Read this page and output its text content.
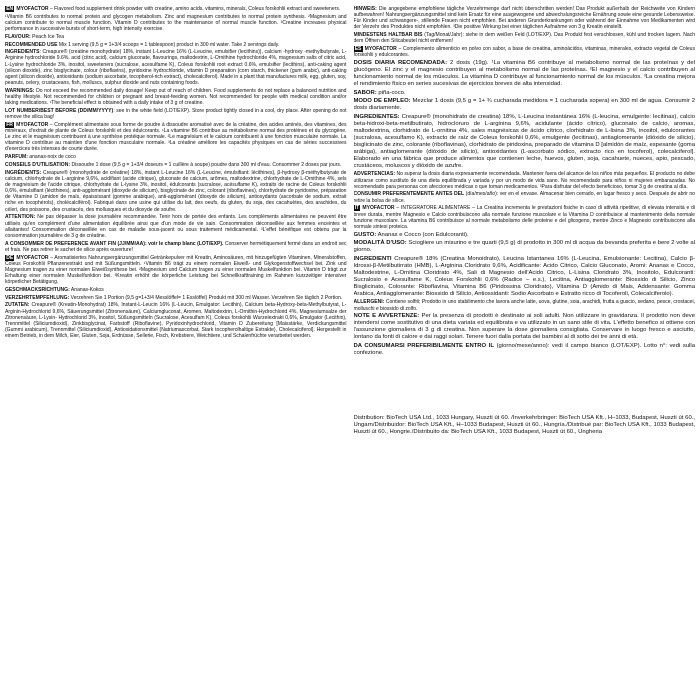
EN MYOFACTOR – Flavored food supplement drink powder with creatine, amino acids, vitamins, minerals, Coleus forskohlii extract and sweeteners.
¹Vitamin B6 contributes to normal protein and glycogen metabolism. Zinc and magnesium contributes to normal protein synthesis. ²Magnesium and calcium contribute to normal muscle function. Vitamin D contributes to the maintenance of normal muscle function. ³Creatine increases physical performance in successive bursts of short-term, high intensity exercise.
FLAVOUR: Peach Ice Tea
RECOMMENDED USE Mix 1 serving (9,5 g = 1+3/4 scoops = 1 tablespoon) product in 300 ml water. Take 2 servings daily.
INGREDIENTS: Creapure® (creatine monohydrate) 18%, instant L-Leucine 16% (L-Leucine, emulsifier (lecithins)), calcium -hydroxy -methylbutyrate, L-Arginine hydrochloride 9.6%, acid (citric acid), calcium gluconate, flavourings, maltodextrin, L-Ornithine hydrochloride 4%, magnesium salts of citric acid, L-Lysine hydrochloride 3%, inositol, sweeteners (sucralose, acesulfame K), Coleus forskohlii root extract 0.6%, emulsifier (lecithins), anti-caking agent (silicon dioxide), zinc bisglycinate, colour (riboflavins), pyridoxine hydrochloride, vitamin D preparation (corn starch, thickener (gum arabic), anti-caking agent (silicon dioxide), antioxidants (sodium ascorbate, tocopherol-rich extract), cholecalciferol). Made in a plant that manufactures milk, egg, gluten, soy, peanuts, celery, crustaceans, fish, molluscs, sulphur dioxide and nuts containing foods.
WARNINGS: Do not exceed the recommended daily dosage! Keep out of reach of children. Food supplements do not replace a balanced nutrition and healthy lifestyle. Not recommended for children or pregnant and breast-feeding women. Not recommended for people with medical condition and/or taking medications. ¹The beneficial effect is obtained with a daily intake of 3 g of creatine.
LOT NUMBER/BEST BEFORE (DD/MM/YYYY): see in the white field (LOT/EXP). Store product tightly closed in a cool, dry place. After opening do not remove the silica bag!
FR MYOFACTOR – Complément alimentaire sous forme de poudre à dissoudre aromatisé avec de la créatine, des acides aminés, des vitamines, des minéraux, d'extrait de plante de Coleus forskohlii et des édulcorants. ¹La vitamine B6 contribue au métabolisme normal des protéines et du glycogène. Le zinc et le magnésium contribuent à une synthèse protéique normale. ²Le magnésium et le calcium contribuent à une fonction musculaire normale. La vitamine D contribue au maintien d'une fonction musculaire normale. ³La créatine améliore les capacités physiques en cas de séries successives d'exercices très intenses de courte durée.
PARFUM: ananas-noix de coco
CONSEILS D'UTILISATION: Dissoudre 1 dose (9,5 g = 1+3/4 doseurs = 1 cuillère à soupe) poudre dans 300 ml d'eau. Consommer 2 doses par jours.
INGRÉDIENTS: Creapure® (monohydrate de créatine) 18%, instant L-Leucine 16% (L-Leucine, émulsifiant: lécithines), β-hydroxy β-méthylbutyrate de calcium, chlorhydrate de L-arginine 9,6%, acidifiant (acide citrique), gluconate de calcium, arômes, maltodextrine, chlorhydrate de L-Ornithine 4%, sels de magnésium de l'acide citrique, chlorhydrate de L-lysine 3%, inositol, édulcorants (sucralose, acésulfame K), extraits de racine de Coleus forskohlii 0,6%, émulsifiant (lécithines), anti-agglomérant (dioxyde de silicium), bisglycinate de zinc, colorant (riboflavines), chlorhydrate de pyridoxine, préparation de Vitamine D (amidon de maïs, épaississant (gomme arabique), anti-agglomérant (dioxyde de silicium), antioxydants (ascorbate de sodium, extrait riche en tocophérols), cholécalciférol). Fabriqué dans une usine qui utilise du lait, des oeufs, du gluten, du soja, des cacahuètes, des arachides, du céleri, des poissons, des crustacés, des mollusques et du dioxyde de soufre.
ATTENTION: Ne pas dépasser la dose journalière recommandée. Tenir hors de portée des enfants. Les compléments alimentaires ne peuvent être utilisés qu'en complément d'une alimentation équilibrée ainsi que d'un mode de vie sain. Consommation déconseillée aux femmes enceintes et allaitantes! Consommation déconseillée en cas de maladie sous-jacent ou sous traitement médicamental. ³L'effet bénéfique est obtenu par la consommation journalière de 3 g de créatine.
A CONSOMMER DE PREFERENCE AVANT FIN (JJ/MM/AA): voir le champ blanc (LOT/EXP). Conserver hermétiquement fermé dans un endroit sec et frais. Ne pas retirer le sachet de silice après ouverture!
DE MYOFACTOR – Aromatisiertes Nahrungsergänzungsmittel Getränkepulver mit Kreatin, Aminosäuren, mit hinzugefügten Vitaminen, Mineralstoffen, Coleus Forskohlii Pflanzenextrakt und mit Süßungsmitteln. ¹Vitamin B6 trägt zu einem normalen Eiweiß- und Glykogenstoffwechsel bei. Zink und Magnesium tragen zu einer normalen Eiweißsynthese bei. ²Magnesium und Calcium tragen zu einer normalen Muskelfunktion bei. Vitamin D trägt zur Erhaltung einer normalen Muskelfunktion bei. ³Kreatin erhöht die körperliche Leistung bei Schnellkrafttraining im Rahmen kurzzeitiger intensiver körperlicher Betätigung.
GESCHMACKSRICHTUNG: Ananas-Kokos
VERZEHRTEMPFEHLUNG: Verzehren Sie 1 Portion (9,5 g=1+3/4 Messlöffel= 1 Esslöffel) Produkt mit 300 ml Wasser. Verzehren Sie täglich 2 Portion.
ZUTATEN: Creapure® (Kreatin-Monohydrat) 18%, Instant-L-Leucin 16% (L-Leucin, Emulgator: Lecithin), Calcium beta-Hydroxy-beta-Methylbutyrat, L-Arginin-Hydrochlorid 9,6%, Säuerungsmittel (Zitronensäure), Calciumgluconat, Aromen, Maltodextrin, L-Ornithin-Hydrochlorid 4%, Magnesiumsalze der Zitronensäure, L-Lysin- Hydrochlorid 3%, Inositol, Süßungsmitteln (Sucralose, Acesulfam K), Coleus forskohlii Wurzelextrakt 0,6%, Emulgator (Lecithin), Trennmittel (Siliciumdioxid), Zinkbisglycinat, Farbstoff (Riboflavine), Pyridoxinhydrochlorid, Vitamin D Zubereitung [Maisstärke, Verdickungsmittel (Gummi arabicum), Trennmittel (Siliciumdioxid), Antioxidationsmittel (Natriumascorbat, Stark tocopherolhaltige Extrakte), Cholecalciferol]. Hergestellt in einem Betrieb, in dem Milch, Eier, Gluten, Soja, Erdnüsse, Sellerie, Fisch, Krebstiere, Weichtiere, und Schalenfrüchte verarbeitet werden.
HINWEIS: Die angegebene empfohlene tägliche Verzehrmenge darf nicht überschritten werden! Das Produkt außerhalb der Reichweite von Kindern aufbewahren! Nahrungsergänzungsmittel sind kein Ersatz für eine ausgewogene und abwechslungsreiche Ernährung sowie eine gesunde Lebensweise. Für Kinder und schwangere-, stillende Frauen nicht empfohlen. Bei anderen Grunderkrankungen oder während der Einnahme von Medikamenten wird der Verzehr des Produktes nicht empfohlen. ³Die positive Wirkung bei einer täglichen Aufnahme von 3 g Kreatin einstellt.
MINDESTENS HALTBAR BIS (Tag/Monat/Jahr): siehe in dem weißen Feld (LOT/EXP). Das Produkt fest verschlossen, kühl und trocken lagern. Nach dem Öffnen den Silicabeutel nicht entfernen!
ES MYOFACTOR – Complemento alimenticio en polvo con sabor, a base de creatina, aminoácidos, vitaminas, minerales, extracto vegetal de Coleus forskohlii y edulcorantes.
DOSIS DIARIA RECOMENDADA: 2 dosis (19g). ¹La vitamina B6 contribuye al metabolismo normal de las proteínas y del glucógeno. El zinc y el magnesio contribuyen al metabolismo normal de las proteínas. ²El magnesio y el calcio contribuyen al funcionamiento normal de los músculos. La vitamina D contribuye al funcionamiento normal de los músculos. ³La creatina mejora el rendimiento físico en series sucesivas de ejercicios breves de alta intensidad.
SABOR: piña-coco.
MODO DE EMPLEO: Mezclar 1 dosis (9,5 g = 1+ ¾ cucharada medidora = 1 cucharada sopera) en 300 ml de agua. Consumir 2 dosis diariamente.
INGREDIENTES: Creapure® (monohidrato de creatina) 18%, L-Leucina instantánea 16% (L-leucina, emulgente: lecitinas), calcio beta-hidroxi-beta-metilbutirato, hidrocloruro de L-arginina 9,6%, acidulante (ácido cítrico), gluconato de calcio, aromas, maltodextrina, clorhidrato de L-ornitina 4%, sales magnésicas de ácido cítrico, clorhidrato de L-lisina 3%, inositol, edulcorantes (sucralosa, acesulfamo K), extracto de raíz de Coleus forskohlii 0,6%, emulgente (lecitinas), antiaglomerante (dióxido de silicio), bisglicinato de zinc, colorante (riboflavinas), clorhidrato de piridoxina, preparado de vitamina D [almidón de maíz, espesante (goma arábiga), antiaglomerante (dióxido de silicio), antioxidantes (L-ascorbato sódico, extracto rico en tocoferol), colecalciferol]. Elaborado en una fábrica que produce alimentos que contienen leche, huevos, gluten, soja, cacahuete, nueces, apio, pescado, crustáceos, moluscos y dióxido de azufre.
ADVERTENCIAS: No superar la dosis diaria expresamente recomendada. Mantener fuera del alcance de los niños más pequeños. El producto no debe utilizarse como sustituto de una dieta equilibrada y variada y por un modo de vida sano. No recomendado para niños ni mujeres embarazadas. No recomendado para personas con afecciones médicas o que toman medicamentos. ³Para disfrutar del efecto beneficioso, tomar 3 g de creatina al día.
CONSUMIR PREFERENTEMENTE ANTES DEL (día/mes/año): ver en el envase. Almacenar bien cerrado, en lugar fresco y seco. Después de abrir no retire la bolsa de sílice.
IT MYOFACTOR – INTEGRATORE ALIMENTARE – La Creatina incrementa le prestazioni fisiche in caso di attività ripetitive, di elevata intensità e di breve durata, mentre Magnesio e Calcio contribuiscono alla normale funzione muscolare e la Vitamina D contribuisce al mantenimento della normale funzione muscolare. La vitamina B6 contribuisce al normale metabolismo delle proteine e del glicogeno, mentre Zinco e Magnesio contribuiscono alla normale sintesi proteica.
GUSTO: Ananas e Cocco (con Edulcoranti).
MODALITÀ D'USO: Sciogliere un misurino e tre quarti (9,5 g) di prodotto in 300 ml di acqua da bevanda preferita e bere 2 volte al giorno.
INGREDIENTI Creapure® 18% (Creatina Monoidrato), Leucina Istantanea 16% (L-Leucina, Emulsionante: Lecitina), Calcio β-Idrossi-β-Metilbutirrato (HMB), L-Arginina Cloridrato 9,6%, Acidificante: Acido Citrico, Calcio Gluconato, Aromi: Ananas e Cocco, Maltodestrine, L-Ornitina Cloridrato 4%, Sali di Magnesio dell'Acido Citrico, L-Lisina Cloridrato 3%, Inositolo, Edulcoranti: Sucralosio e Acesulfame K, Coleus Forskohlii 0,6% (Radice – e.s.), Lecitina, Antiagglomerante: Biossido di Silicio, Zinco Bisglicinato, Colorante: Riboflavina, Vitamina B6 (Piridossina Cloridrato), Vitamina D (Amido di Mais, Addensante: Gomma Arabica, Antiagglomerante: Biossido di Silicio, Antiossidanti: Sodio Ascorbato e Estratto ricco di Tocoferoli, Colecalciferolo).
ALLERGENI: Contiene solfiti; Prodotto in uno stabilimento che lavora anche latte, uova, glutine, soia, arachidi, frutta a guscio, sedano, pesce, crostacei, molluschi e biossido di zolfo.
NOTE E AVVERTENZE: Per la presenza di prodotti è destinato ai soli adulti. Non utilizzare in gravidanza. Il prodotto non deve intendersi come sostitutivo di una dieta variata ed equilibrata e va utilizzato in un sano stile di vita. L'effetto benefico si ottiene con l'assunzione giornaliera di 3 g di creatina. Non superare la dose giornaliera consigliata. Conservare in luogo fresco e asciutto, lontano da fonti di calore e dai raggi solari. Tenere fuori dalla portata dei bambini al di sotto dei tre anni di età.
DA CONSUMARSI PREFERIBILMENTE ENTRO IL (giorno/mese/anno): vedi il campo bianco (LOT/EXP). Lotto n°: vedi sulla confezione.
Distribution: BioTech USA Ltd., 1033 Hungary, Huszti út 60. /Inverkehrbringer: BioTech USA Kft., H–1033, Budapest, Huszti út 60., Ungarn/Distribuidor: BioTech USA Kft., H–1033 Budapest, Huszti út 60., Hungría./Distribué par: BioTech USA Kft., 1033 Budapest, Huszti út 60., Hongrie./Distribuito da: BioTech USA Kft., 1033 Budapest, Huszti út 60., Ungheria
